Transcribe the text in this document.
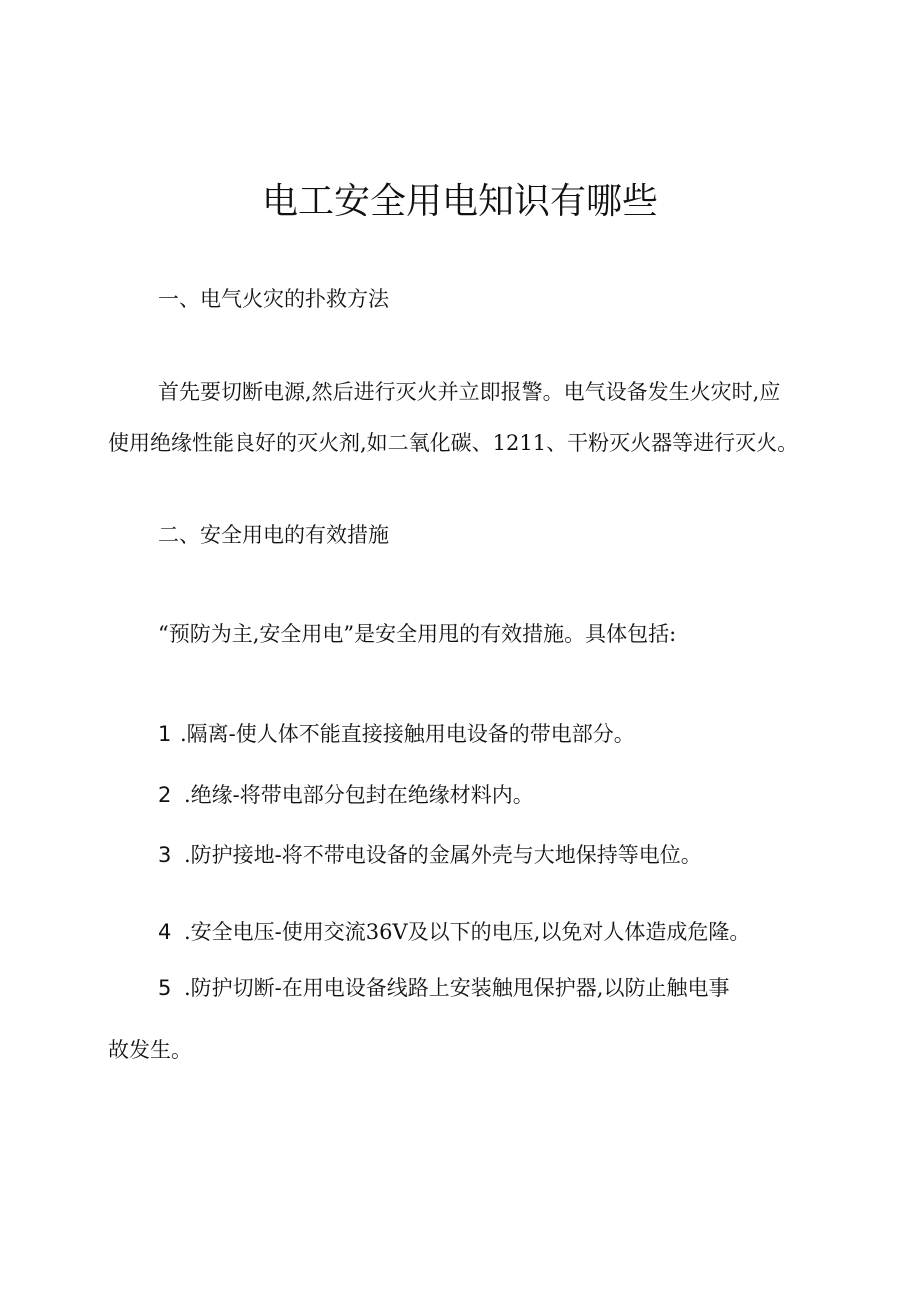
电工安全用电知识有哪些

一、电气火灾的扑救方法

首先要切断电源,然后进行灭火并立即报警。电气设备发生火灾时,应

使用绝缘性能良好的灭火剂,如二氧化碳、1211、干粉灭火器等进行灭火。

二、安全用电的有效措施

“预防为主,安全用电”是安全用甩的有效措施。具体包括:

1 .隔离-使人体不能直接接触用电设备的带电部分。

2 .绝缘-将带电部分包封在绝缘材料内。

3 .防护接地-将不带电设备的金属外壳与大地保持等电位。

4 .安全电压-使用交流36V及以下的电压,以免对人体造成危隆。

5 .防护切断-在用电设备线路上安装触甩保护器,以防止触电事

故发生。
